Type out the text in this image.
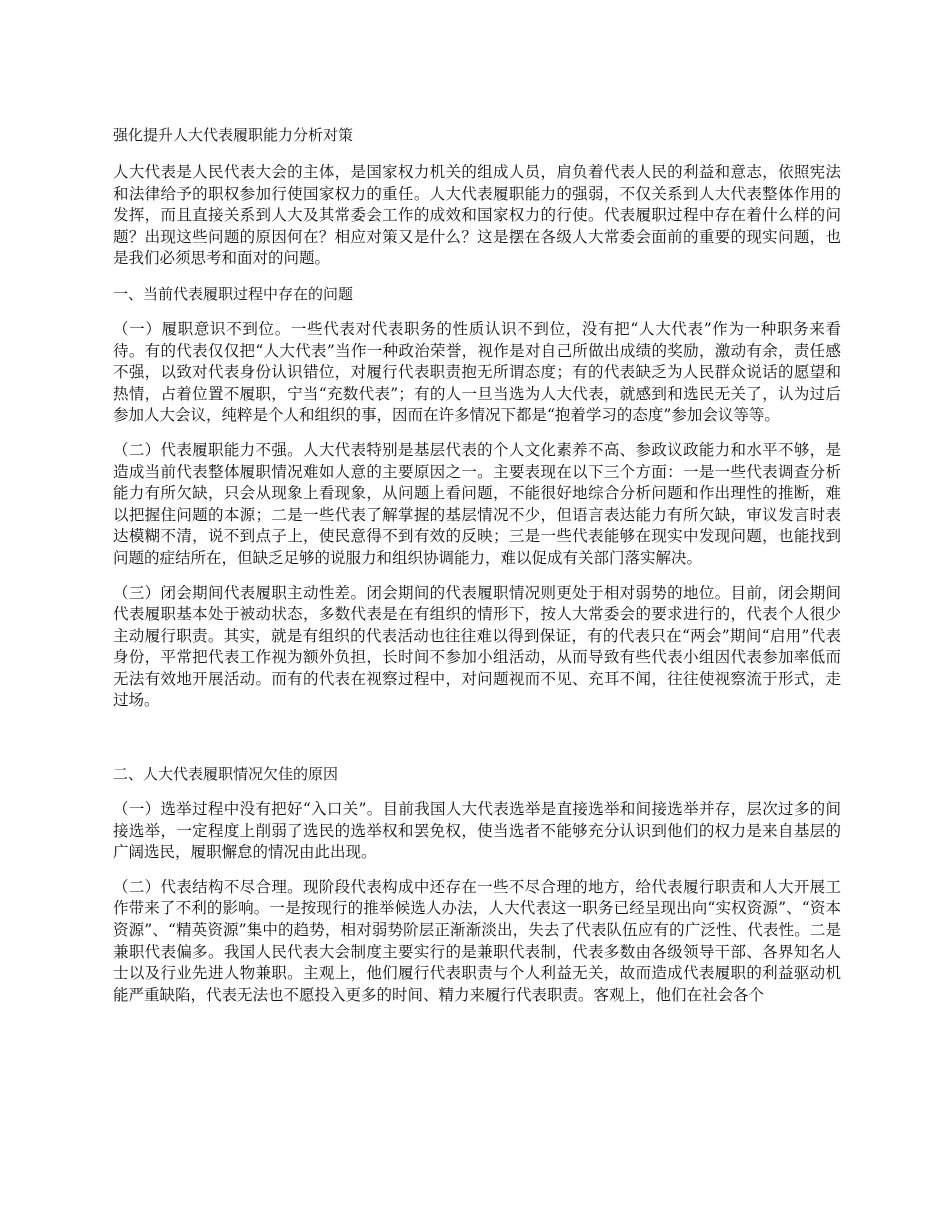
强化提升人大代表履职能力分析对策
人大代表是人民代表大会的主体，是国家权力机关的组成人员，肩负着代表人民的利益和意志，依照宪法和法律给予的职权参加行使国家权力的重任。人大代表履职能力的强弱，不仅关系到人大代表整体作用的发挥，而且直接关系到人大及其常委会工作的成效和国家权力的行使。代表履职过程中存在着什么样的问题？出现这些问题的原因何在？相应对策又是什么？这是摆在各级人大常委会面前的重要的现实问题，也是我们必须思考和面对的问题。
一、当前代表履职过程中存在的问题
（一）履职意识不到位。一些代表对代表职务的性质认识不到位，没有把“人大代表”作为一种职务来看待。有的代表仅仅把“人大代表”当作一种政治荣誉，视作是对自己所做出成绩的奖励，激动有余，责任感不强，以致对代表身份认识错位，对履行代表职责抱无所谓态度；有的代表缺乏为人民群众说话的愿望和热情，占着位置不履职，宁当“充数代表”；有的人一旦当选为人大代表，就感到和选民无关了，认为过后参加人大会议，纯粹是个人和组织的事，因而在许多情况下都是“抱着学习的态度”参加会议等等。
（二）代表履职能力不强。人大代表特别是基层代表的个人文化素养不高、参政议政能力和水平不够，是造成当前代表整体履职情况难如人意的主要原因之一。主要表现在以下三个方面：一是一些代表调查分析能力有所欠缺，只会从现象上看现象，从问题上看问题，不能很好地综合分析问题和作出理性的推断，难以把握住问题的本源；二是一些代表了解掌握的基层情况不少，但语言表达能力有所欠缺，审议发言时表达模糊不清，说不到点子上，使民意得不到有效的反映；三是一些代表能够在现实中发现问题，也能找到问题的症结所在，但缺乏足够的说服力和组织协调能力，难以促成有关部门落实解决。
（三）闭会期间代表履职主动性差。闭会期间的代表履职情况则更处于相对弱势的地位。目前，闭会期间代表履职基本处于被动状态，多数代表是在有组织的情形下，按人大常委会的要求进行的，代表个人很少主动履行职责。其实，就是有组织的代表活动也往往难以得到保证，有的代表只在“两会”期间“启用”代表身份，平常把代表工作视为额外负担，长时间不参加小组活动，从而导致有些代表小组因代表参加率低而无法有效地开展活动。而有的代表在视察过程中，对问题视而不见、充耳不闻，往往使视察流于形式，走过场。
二、人大代表履职情况欠佳的原因
（一）选举过程中没有把好“入口关”。目前我国人大代表选举是直接选举和间接选举并存，层次过多的间接选举，一定程度上削弱了选民的选举权和罢免权，使当选者不能够充分认识到他们的权力是来自基层的广阔选民，履职懈怠的情况由此出现。
（二）代表结构不尽合理。现阶段代表构成中还存在一些不尽合理的地方，给代表履行职责和人大开展工作带来了不利的影响。一是按现行的推举候选人办法，人大代表这一职务已经呈现出向“实权资源”、“资本资源”、“精英资源”集中的趋势，相对弱势阶层正渐渐淡出，失去了代表队伍应有的广泛性、代表性。二是兼职代表偏多。我国人民代表大会制度主要实行的是兼职代表制，代表多数由各级领导干部、各界知名人士以及行业先进人物兼职。主观上，他们履行代表职责与个人利益无关，故而造成代表履职的利益驱动机能严重缺陷，代表无法也不愿投入更多的时间、精力来履行代表职责。客观上，他们在社会各个
